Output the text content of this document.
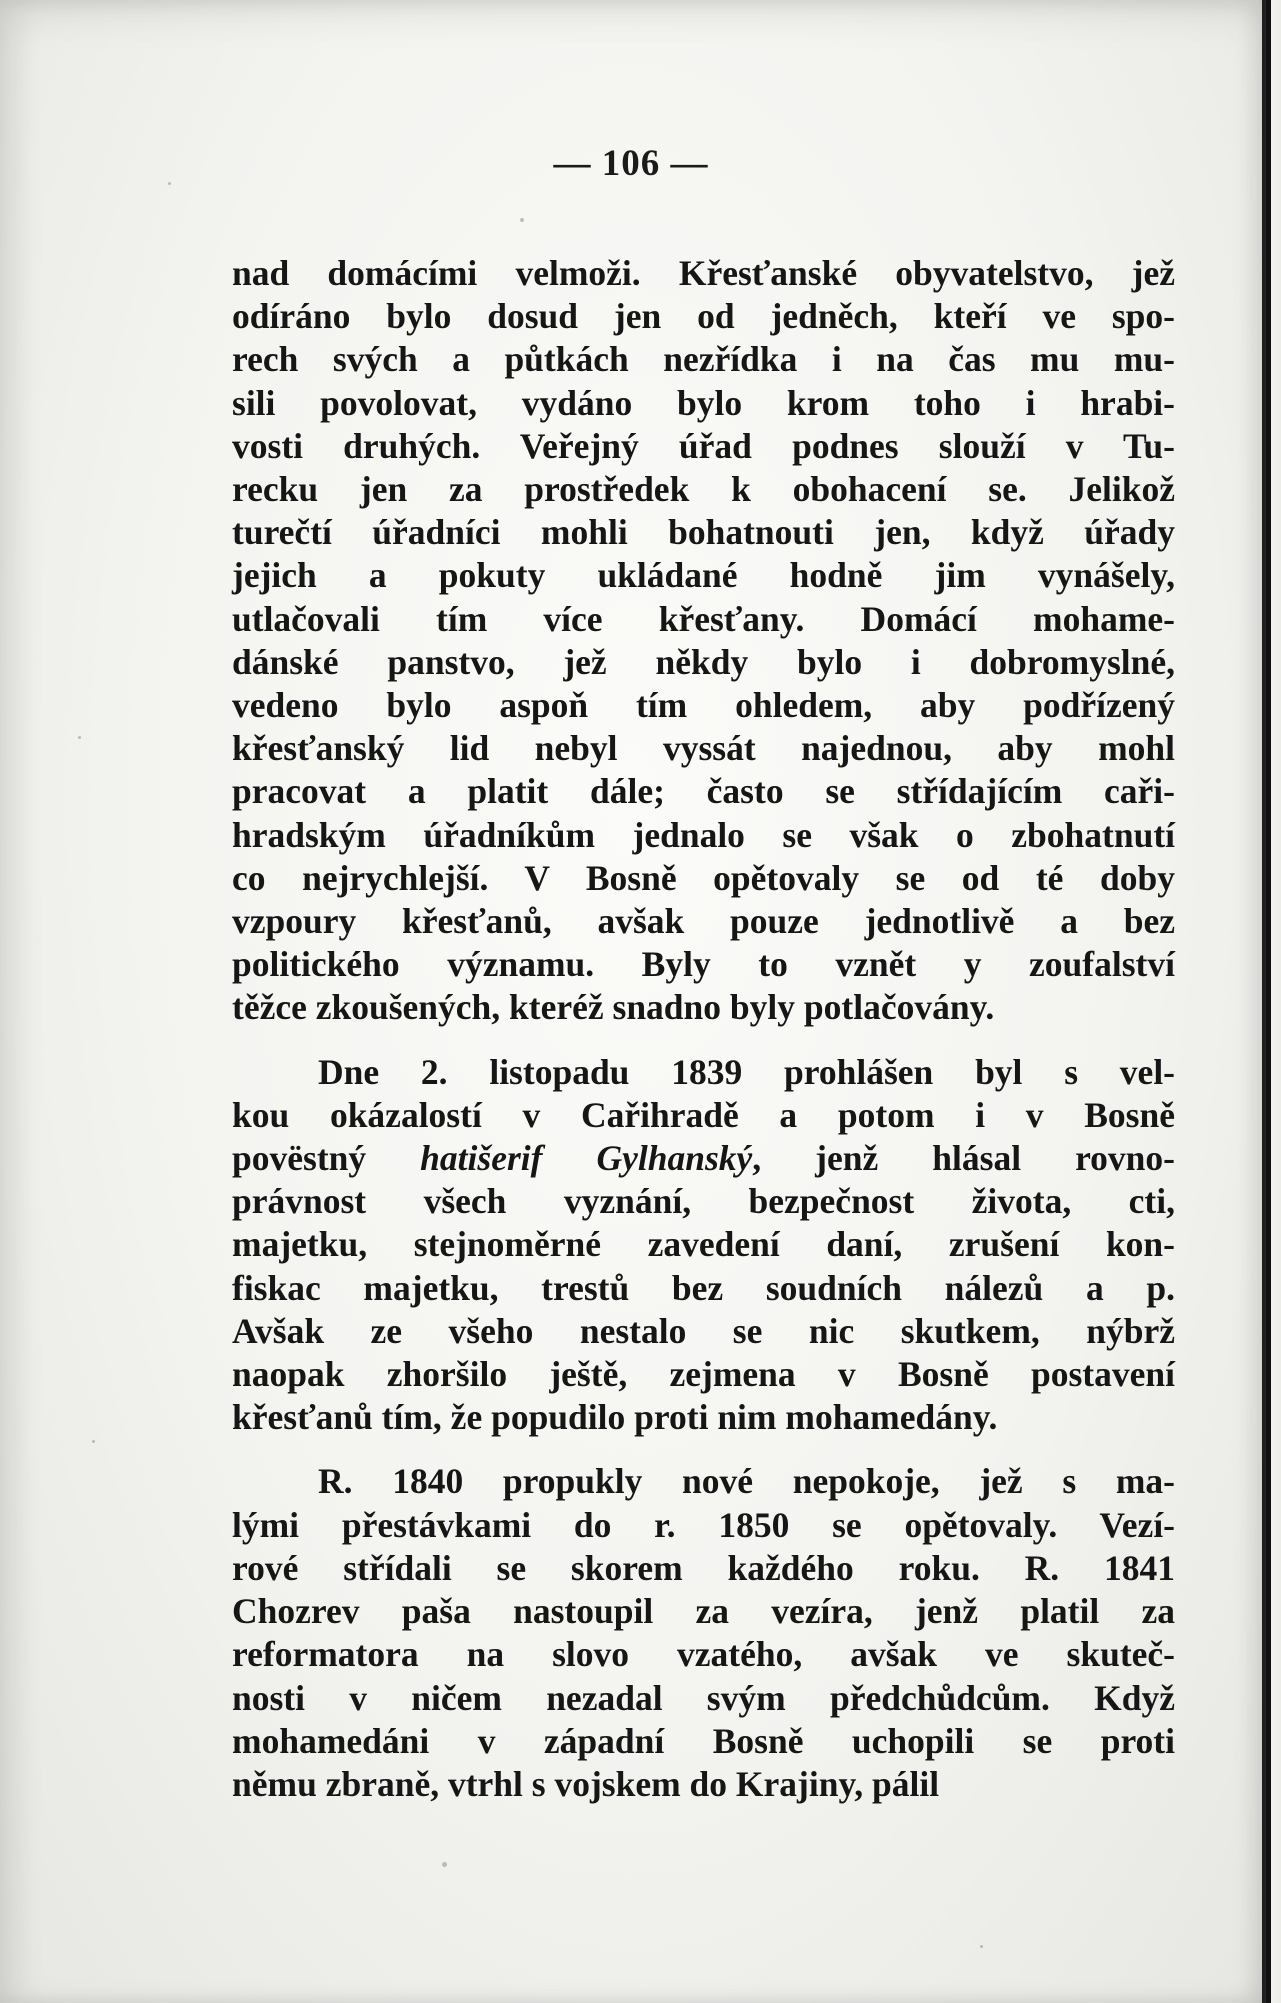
— 106 —
nad domácími velmoži. Křesťanské obyvatelstvo, jež
odíráno bylo dosud jen od jedněch, kteří ve spo-
rech svých a půtkách nezřídka i na čas mu mu-
sili povolovat, vydáno bylo krom toho i hrabi-
vosti druhých. Veřejný úřad podnes slouží v Tu-
recku jen za prostředek k obohacení se. Jelikož
turečtí úřadníci mohli bohatnouti jen, když úřady
jejich a pokuty ukládané hodně jim vynášely,
utlačovali tím více křesťany. Domácí mohame-
dánské panstvo, jež někdy bylo i dobromyslné,
vedeno bylo aspoň tím ohledem, aby podřízený
křesťanský lid nebyl vyssát najednou, aby mohl
pracovat a platit dále; často se střídajícím caři-
hradským úřadníkům jednalo se však o zbohatnutí
co nejrychlejší. V Bosně opětovaly se od té doby
vzpoury křesťanů, avšak pouze jednotlivě a bez
politického významu. Byly to vznět y zoufalství
těžce zkoušených, kteréž snadno byly potlačovány.
Dne 2. listopadu 1839 prohlášen byl s vel-
kou okázalostí v Cařihradě a potom i v Bosně
povëstný hatišerif Gylhanský, jenž hlásal rovno-
právnost všech vyznání, bezpečnost života, cti,
majetku, stejnoměrné zavedení daní, zrušení kon-
fiskac majetku, trestů bez soudních nálezů a p.
Avšak ze všeho nestalo se nic skutkem, nýbrž
naopak zhoršilo ještě, zejmena v Bosně postavení
křesťanů tím, že popudilo proti nim mohamedány.
R. 1840 propukly nové nepokoje, jež s ma-
lými přestávkami do r. 1850 se opětovaly. Vezí-
rové střídali se skorem každého roku. R. 1841
Chozrev paša nastoupil za vezíra, jenž platil za
reformatora na slovo vzatého, avšak ve skuteč-
nosti v ničem nezadal svým předchůdcům. Když
mohamedáni v západní Bosně uchopili se proti
němu zbraně, vtrhl s vojskem do Krajiny, pálil
